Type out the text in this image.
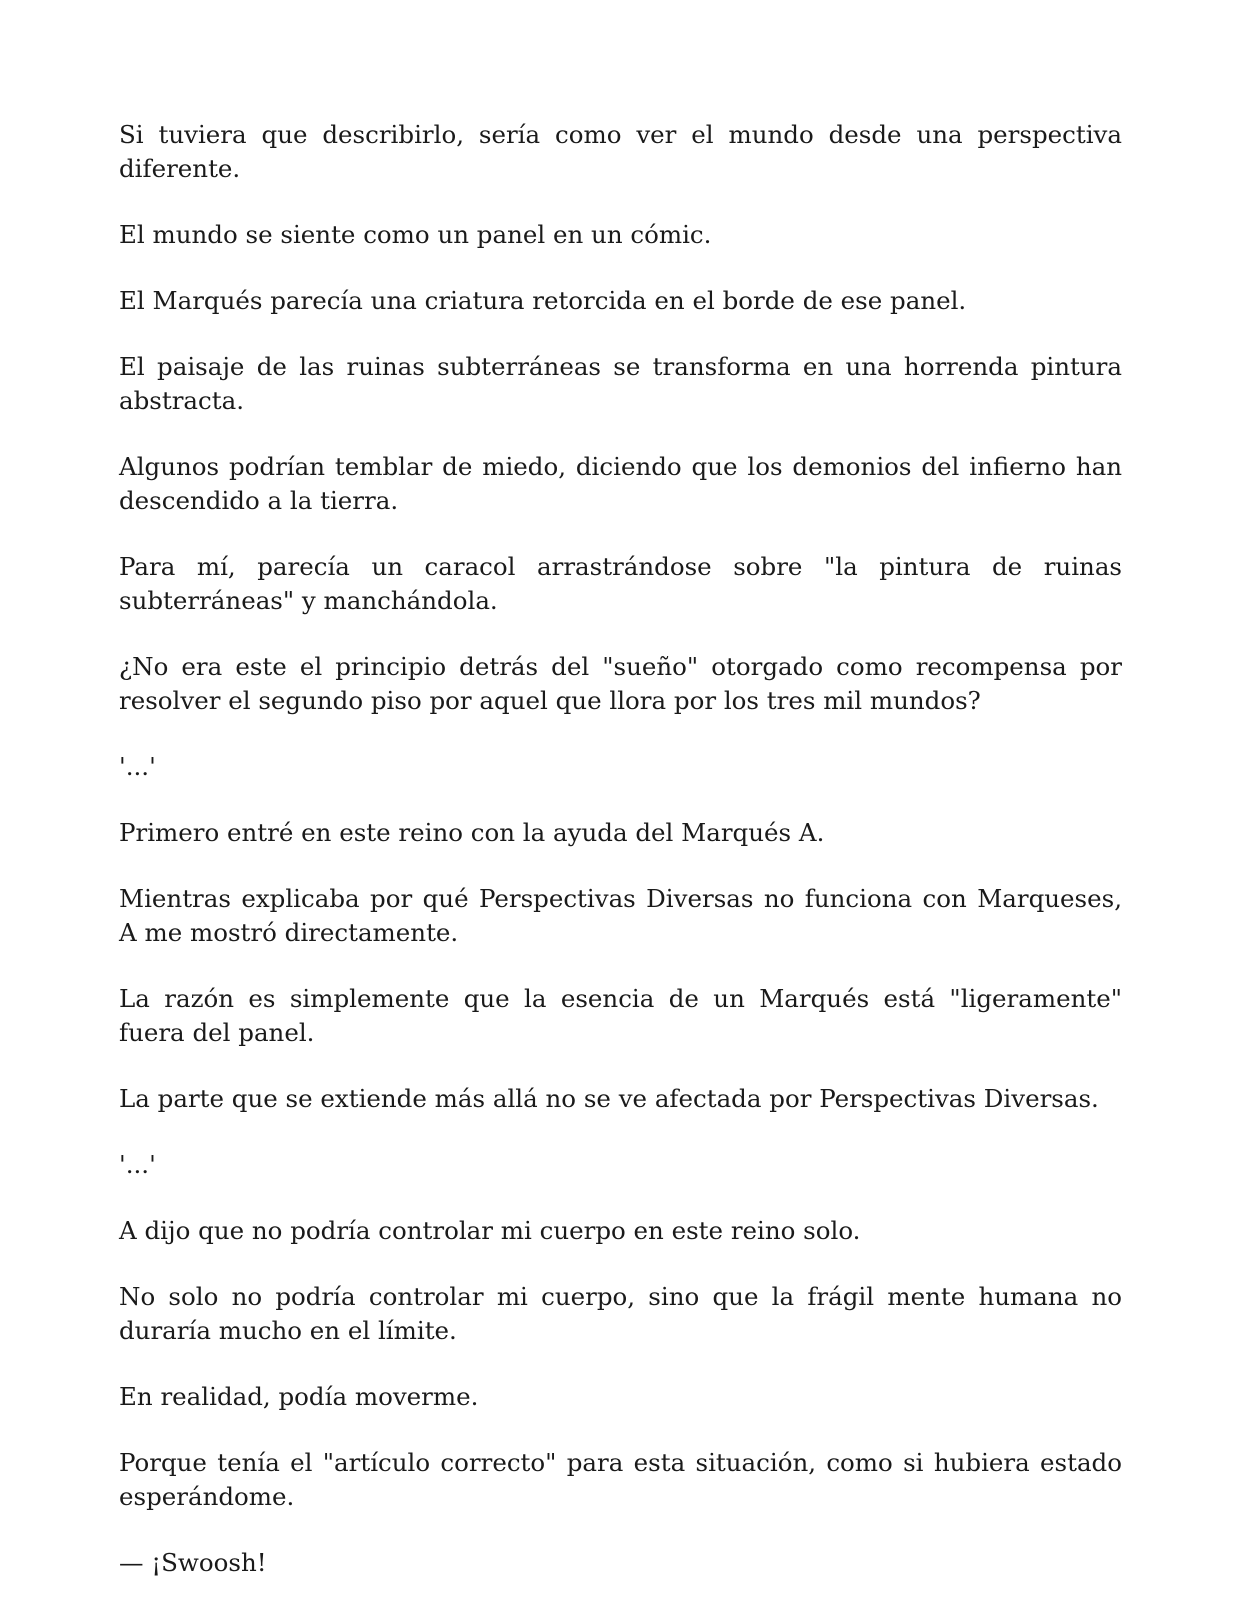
Si tuviera que describirlo, sería como ver el mundo desde una perspectiva diferente.

El mundo se siente como un panel en un cómic.

El Marqués parecía una criatura retorcida en el borde de ese panel.

El paisaje de las ruinas subterráneas se transforma en una horrenda pintura abstracta.

Algunos podrían temblar de miedo, diciendo que los demonios del infierno han descendido a la tierra.

Para mí, parecía un caracol arrastrándose sobre "la pintura de ruinas subterráneas" y manchándola.

¿No era este el principio detrás del "sueño" otorgado como recompensa por resolver el segundo piso por aquel que llora por los tres mil mundos?

'...'

Primero entré en este reino con la ayuda del Marqués A.

Mientras explicaba por qué Perspectivas Diversas no funciona con Marqueses, A me mostró directamente.

La razón es simplemente que la esencia de un Marqués está "ligeramente" fuera del panel.

La parte que se extiende más allá no se ve afectada por Perspectivas Diversas.

'...'

A dijo que no podría controlar mi cuerpo en este reino solo.

No solo no podría controlar mi cuerpo, sino que la frágil mente humana no duraría mucho en el límite.

En realidad, podía moverme.

Porque tenía el "artículo correcto" para esta situación, como si hubiera estado esperándome.

— ¡Swoosh!
